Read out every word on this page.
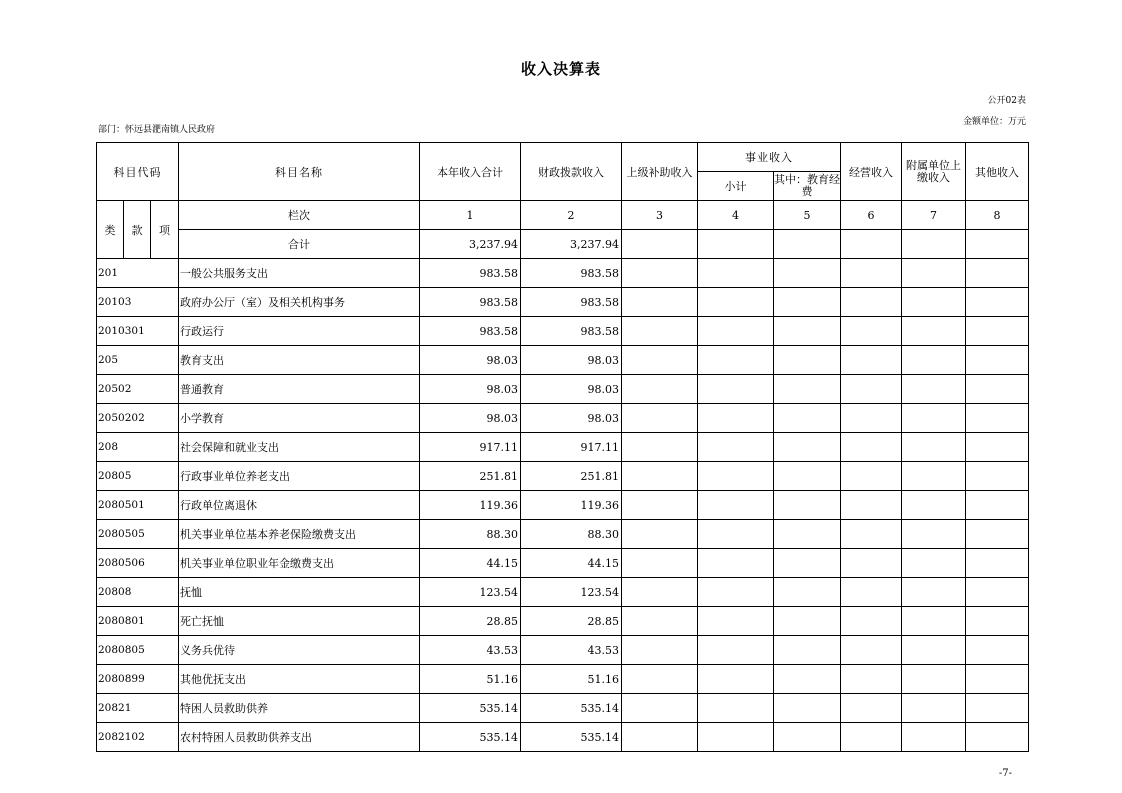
收入决算表
公开02表
金额单位：万元
部门：怀远县淝南镇人民政府
科目代码			科目名称	本年收入合计	财政拨款收入	上级补助收入	事业收入		经营收入	附属单位上缴收入	其他收入
							小计	其中：教育经费			
类	款	项	栏次	1	2	3	4	5	6	7	8
			合计	3,237.94	3,237.94						
201			一般公共服务支出	983.58	983.58						
20103			政府办公厅（室）及相关机构事务	983.58	983.58						
2010301			行政运行	983.58	983.58						
205			教育支出	98.03	98.03						
20502			普通教育	98.03	98.03						
2050202			小学教育	98.03	98.03						
208			社会保障和就业支出	917.11	917.11						
20805			行政事业单位养老支出	251.81	251.81						
2080501			行政单位离退休	119.36	119.36						
2080505			机关事业单位基本养老保险缴费支出	88.30	88.30						
2080506			机关事业单位职业年金缴费支出	44.15	44.15						
20808			抚恤	123.54	123.54						
2080801			死亡抚恤	28.85	28.85						
2080805			义务兵优待	43.53	43.53						
2080899			其他优抚支出	51.16	51.16						
20821			特困人员救助供养	535.14	535.14						
2082102			农村特困人员救助供养支出	535.14	535.14						
-7-
